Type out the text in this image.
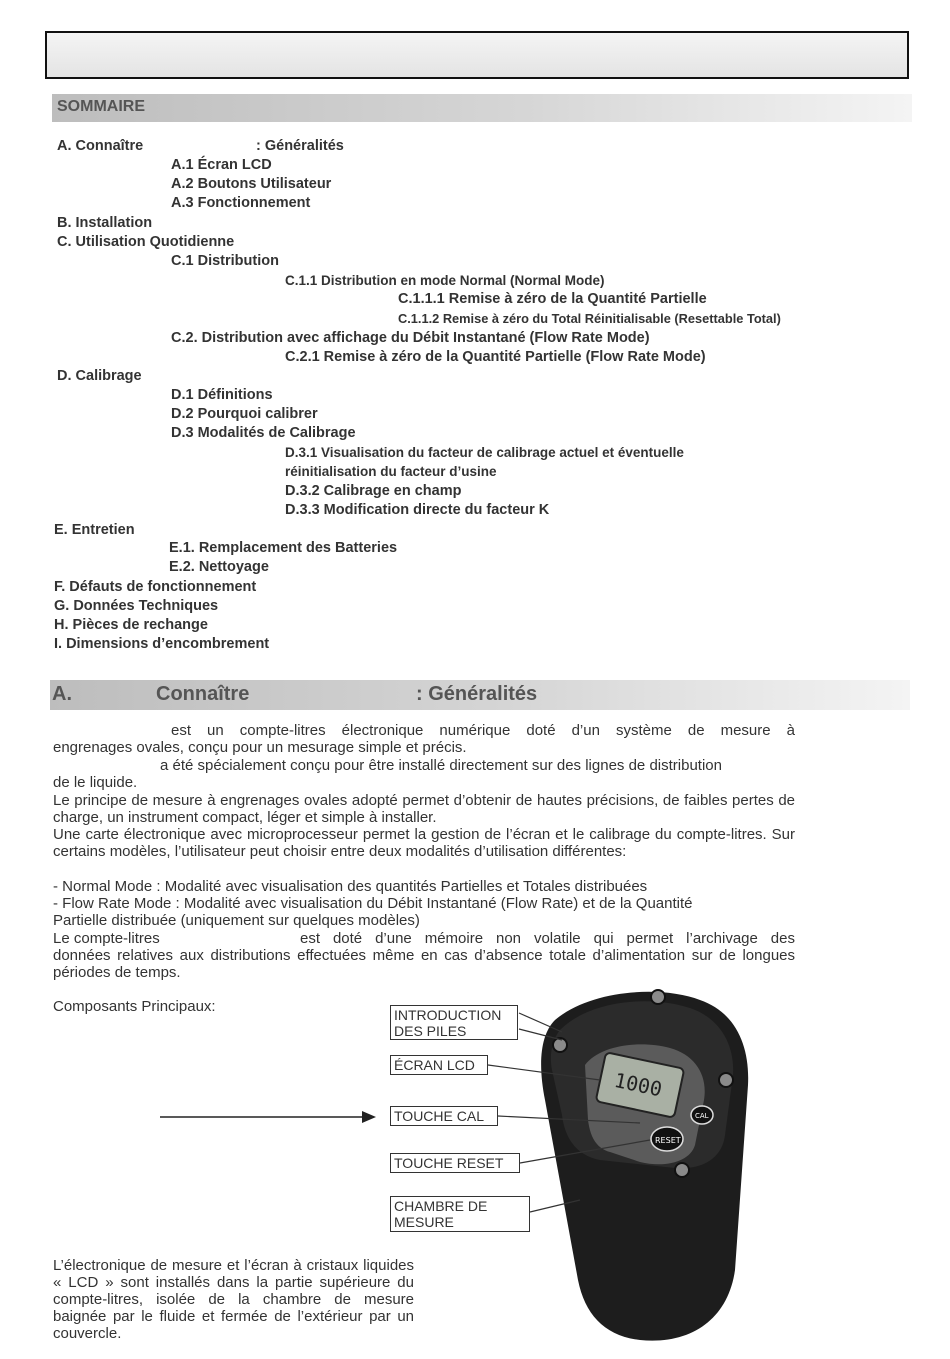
SOMMAIRE
A. Connaître	: Généralités
A.1 Écran LCD
A.2 Boutons Utilisateur
A.3 Fonctionnement
B. Installation
C. Utilisation Quotidienne
C.1 Distribution
C.1.1 Distribution en mode Normal (Normal Mode)
C.1.1.1 Remise à zéro de la Quantité Partielle
C.1.1.2 Remise à zéro du Total Réinitialisable (Resettable Total)
C.2. Distribution avec affichage du Débit Instantané (Flow Rate Mode)
C.2.1 Remise à zéro de la Quantité Partielle (Flow Rate Mode)
D. Calibrage
D.1 Définitions
D.2 Pourquoi calibrer
D.3 Modalités de Calibrage
D.3.1 Visualisation du facteur de calibrage actuel et éventuelle
réinitialisation du facteur d’usine
D.3.2 Calibrage en champ
D.3.3 Modification directe du facteur K
E. Entretien
E.1. Remplacement des Batteries
E.2. Nettoyage
F. Défauts de fonctionnement
G. Données Techniques
H. Pièces de rechange
I. Dimensions d’encombrement
A.	Connaître	: Généralités
est un compte-litres électronique numérique doté d’un système de mesure à
engrenages ovales, conçu pour un mesurage simple et précis.
a été spécialement conçu pour être installé directement sur des lignes de distribution
de le liquide.
Le principe de mesure à engrenages ovales adopté permet d’obtenir de hautes précisions, de faibles pertes de charge, un instrument compact, léger et simple à installer.
Une carte électronique avec microprocesseur permet la gestion de l’écran et le calibrage du compte-litres. Sur certains modèles, l’utilisateur peut choisir entre deux modalités d’utilisation différentes:
- Normal Mode : Modalité avec visualisation des quantités Partielles et Totales distribuées
- Flow Rate Mode : Modalité avec visualisation du Débit Instantané (Flow Rate) et de la Quantité
Partielle distribuée (uniquement sur quelques modèles)
Le compte-litres	est doté d’une mémoire non volatile qui permet l’archivage des
données relatives aux distributions effectuées même en cas d’absence totale d’alimentation sur de longues périodes de temps.
Composants Principaux:
L’électronique de mesure et l’écran à cristaux liquides « LCD » sont installés dans la partie supérieure du compte-litres, isolée de la chambre de mesure baignée par le fluide et fermée de l’extérieur par un couvercle.
1000
RESET
CAL
INTRODUCTION DES PILES
ÉCRAN LCD
TOUCHE CAL
TOUCHE RESET
CHAMBRE DE MESURE
